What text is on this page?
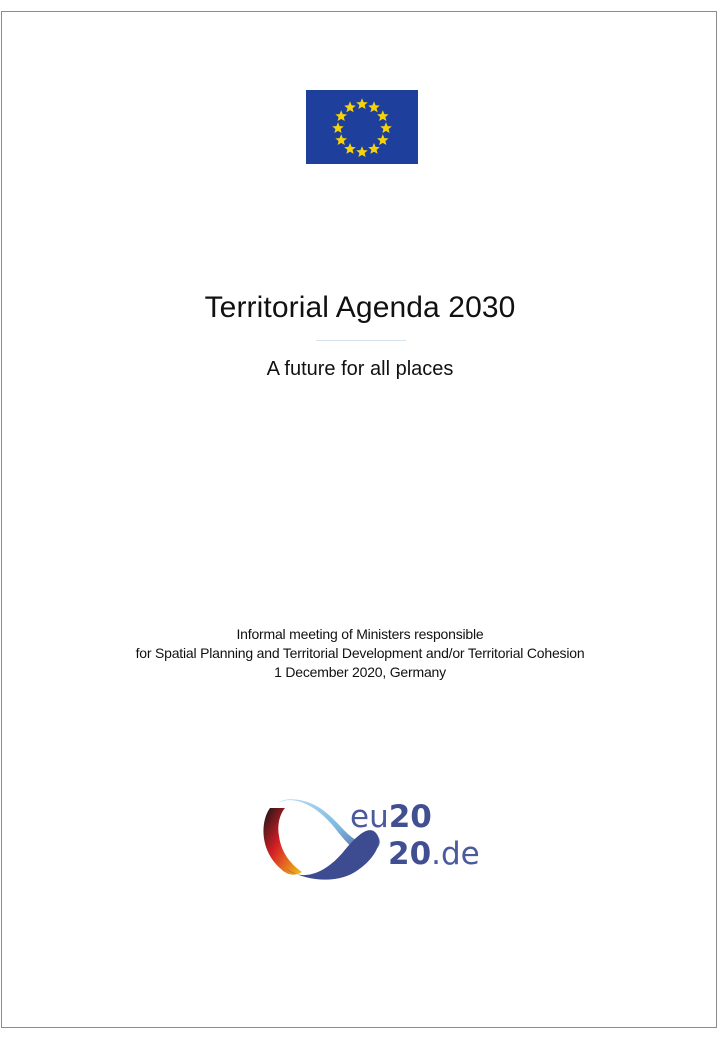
Territorial Agenda 2030
A future for all places
Informal meeting of Ministers responsible
for Spatial Planning and Territorial Development and/or Territorial Cohesion
1 December 2020, Germany
eu20
20.de
